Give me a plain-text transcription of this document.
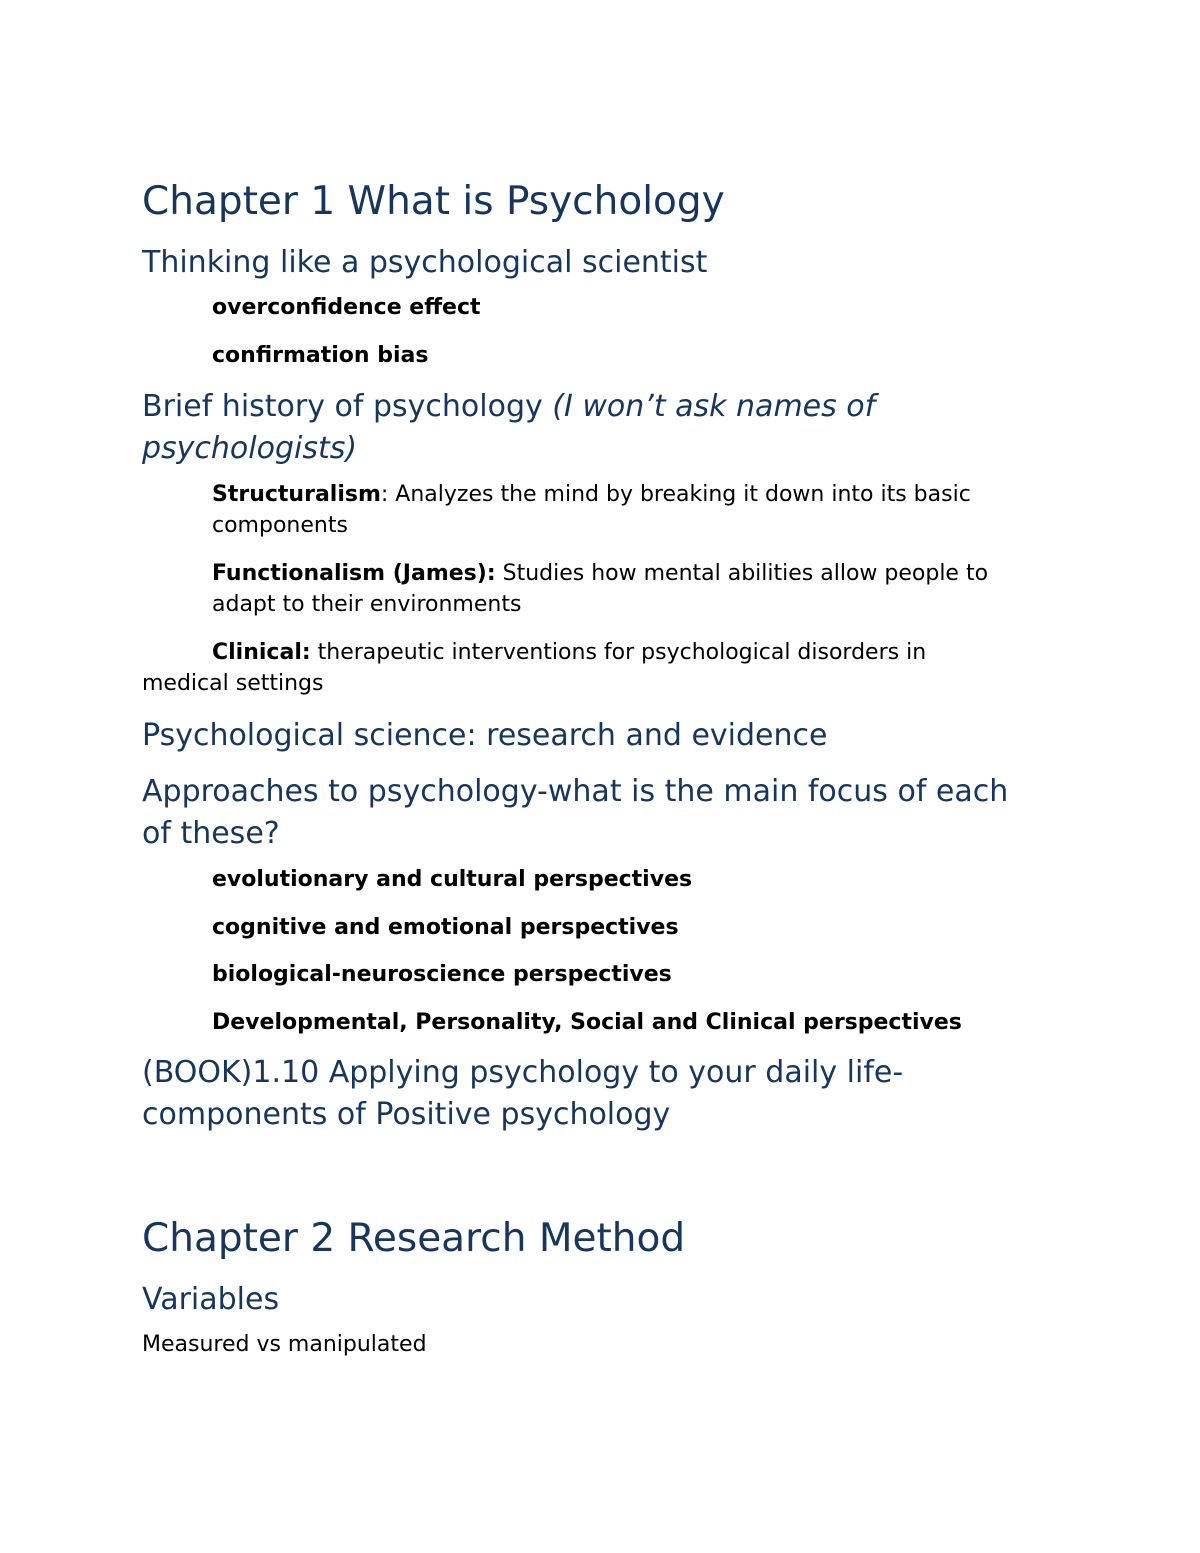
Chapter 1 What is Psychology
Thinking like a psychological scientist
overconfidence effect
confirmation bias
Brief history of psychology (I won’t ask names of
psychologists)
Structuralism: Analyzes the mind by breaking it down into its basic
components
Functionalism (James): Studies how mental abilities allow people to
adapt to their environments
Clinical: therapeutic interventions for psychological disorders in
medical settings
Psychological science: research and evidence
Approaches to psychology-what is the main focus of each
of these?
evolutionary and cultural perspectives
cognitive and emotional perspectives
biological-neuroscience perspectives
Developmental, Personality, Social and Clinical perspectives
(BOOK)1.10 Applying psychology to your daily life-
components of Positive psychology
Chapter 2 Research Method
Variables
Measured vs manipulated
